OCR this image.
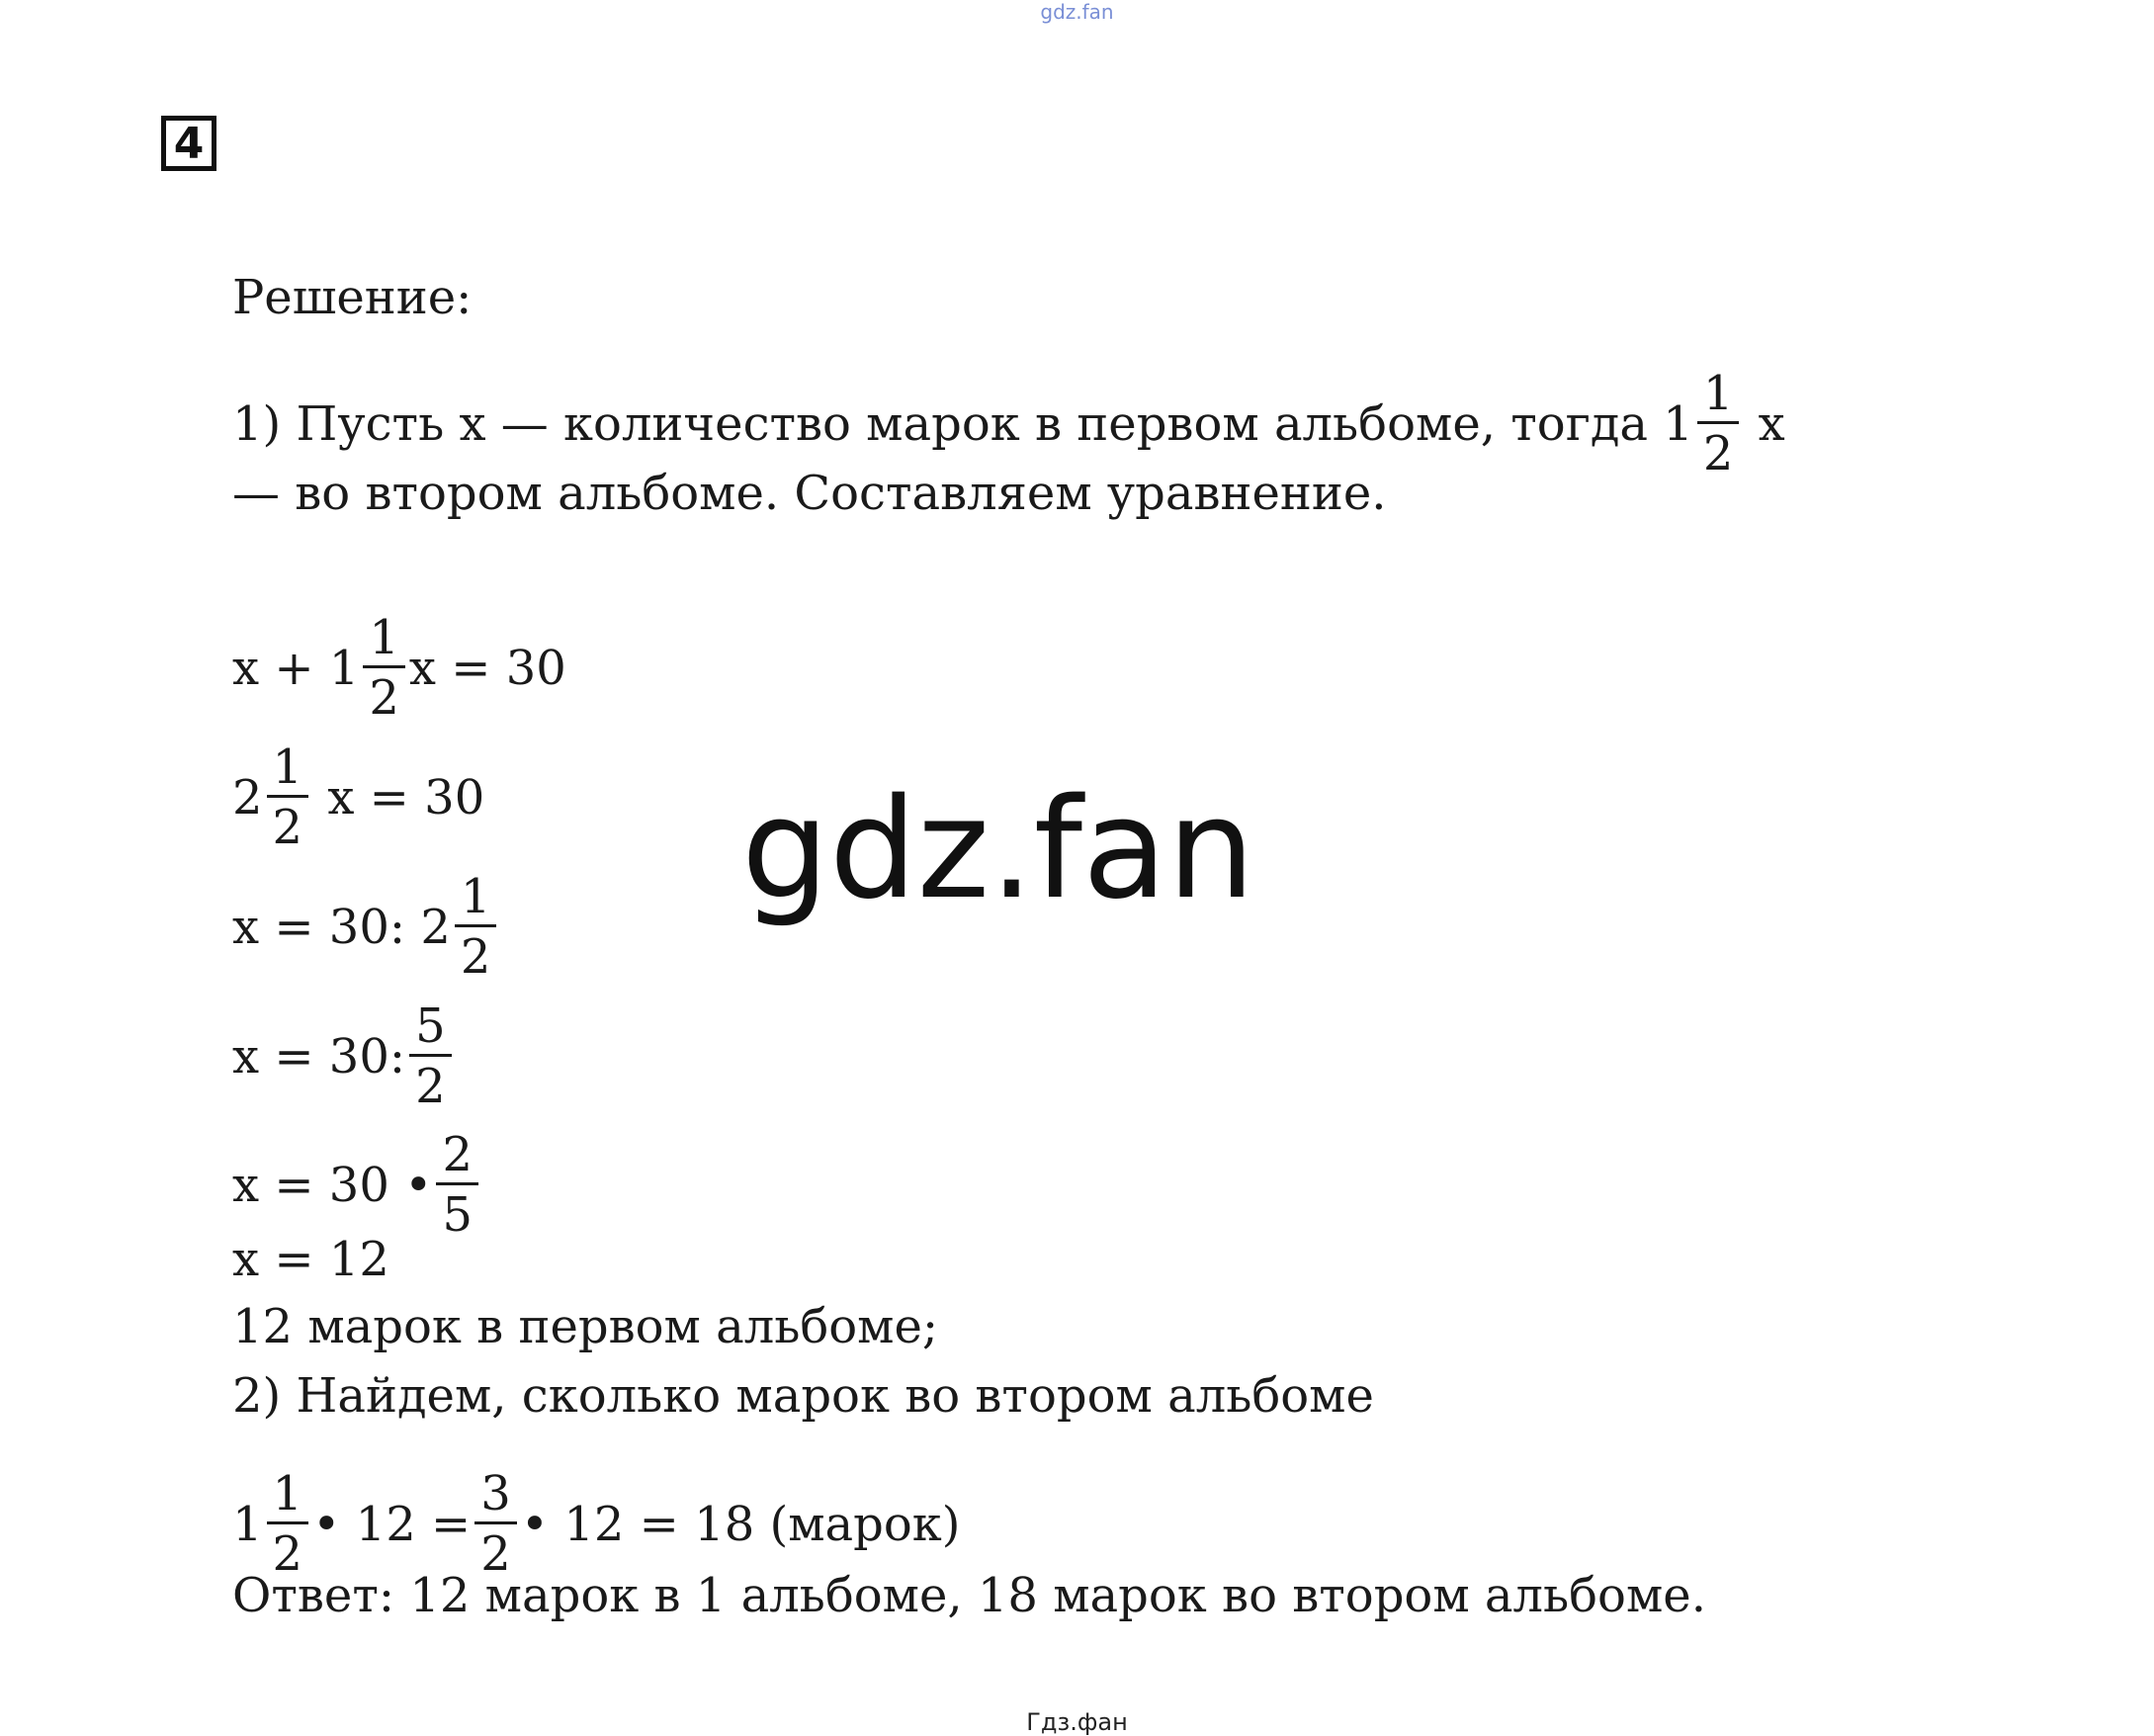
gdz.fan
4
Решение:
1) Пусть x — количество марок в первом альбоме, тогда $1 \frac{1}{2}$ x
— во втором альбоме. Составляем уравнение.
$x + 1 \frac{1}{2}$ x = 30
$2 \frac{1}{2}$ x = 30
x = 30: $2 \frac{1}{2}$
x = 30: $\frac{5}{2}$
x = 30 • $\frac{2}{5}$
x = 12
12 марок в первом альбоме;
2) Найдем, сколько марок во втором альбоме
$1 \frac{1}{2}$ • $12 = \frac{3}{2}$ • 12 = 18 (марок)
Ответ: 12 марок в 1 альбоме, 18 марок во втором альбоме.
gdz.fan
Гдз.фан
